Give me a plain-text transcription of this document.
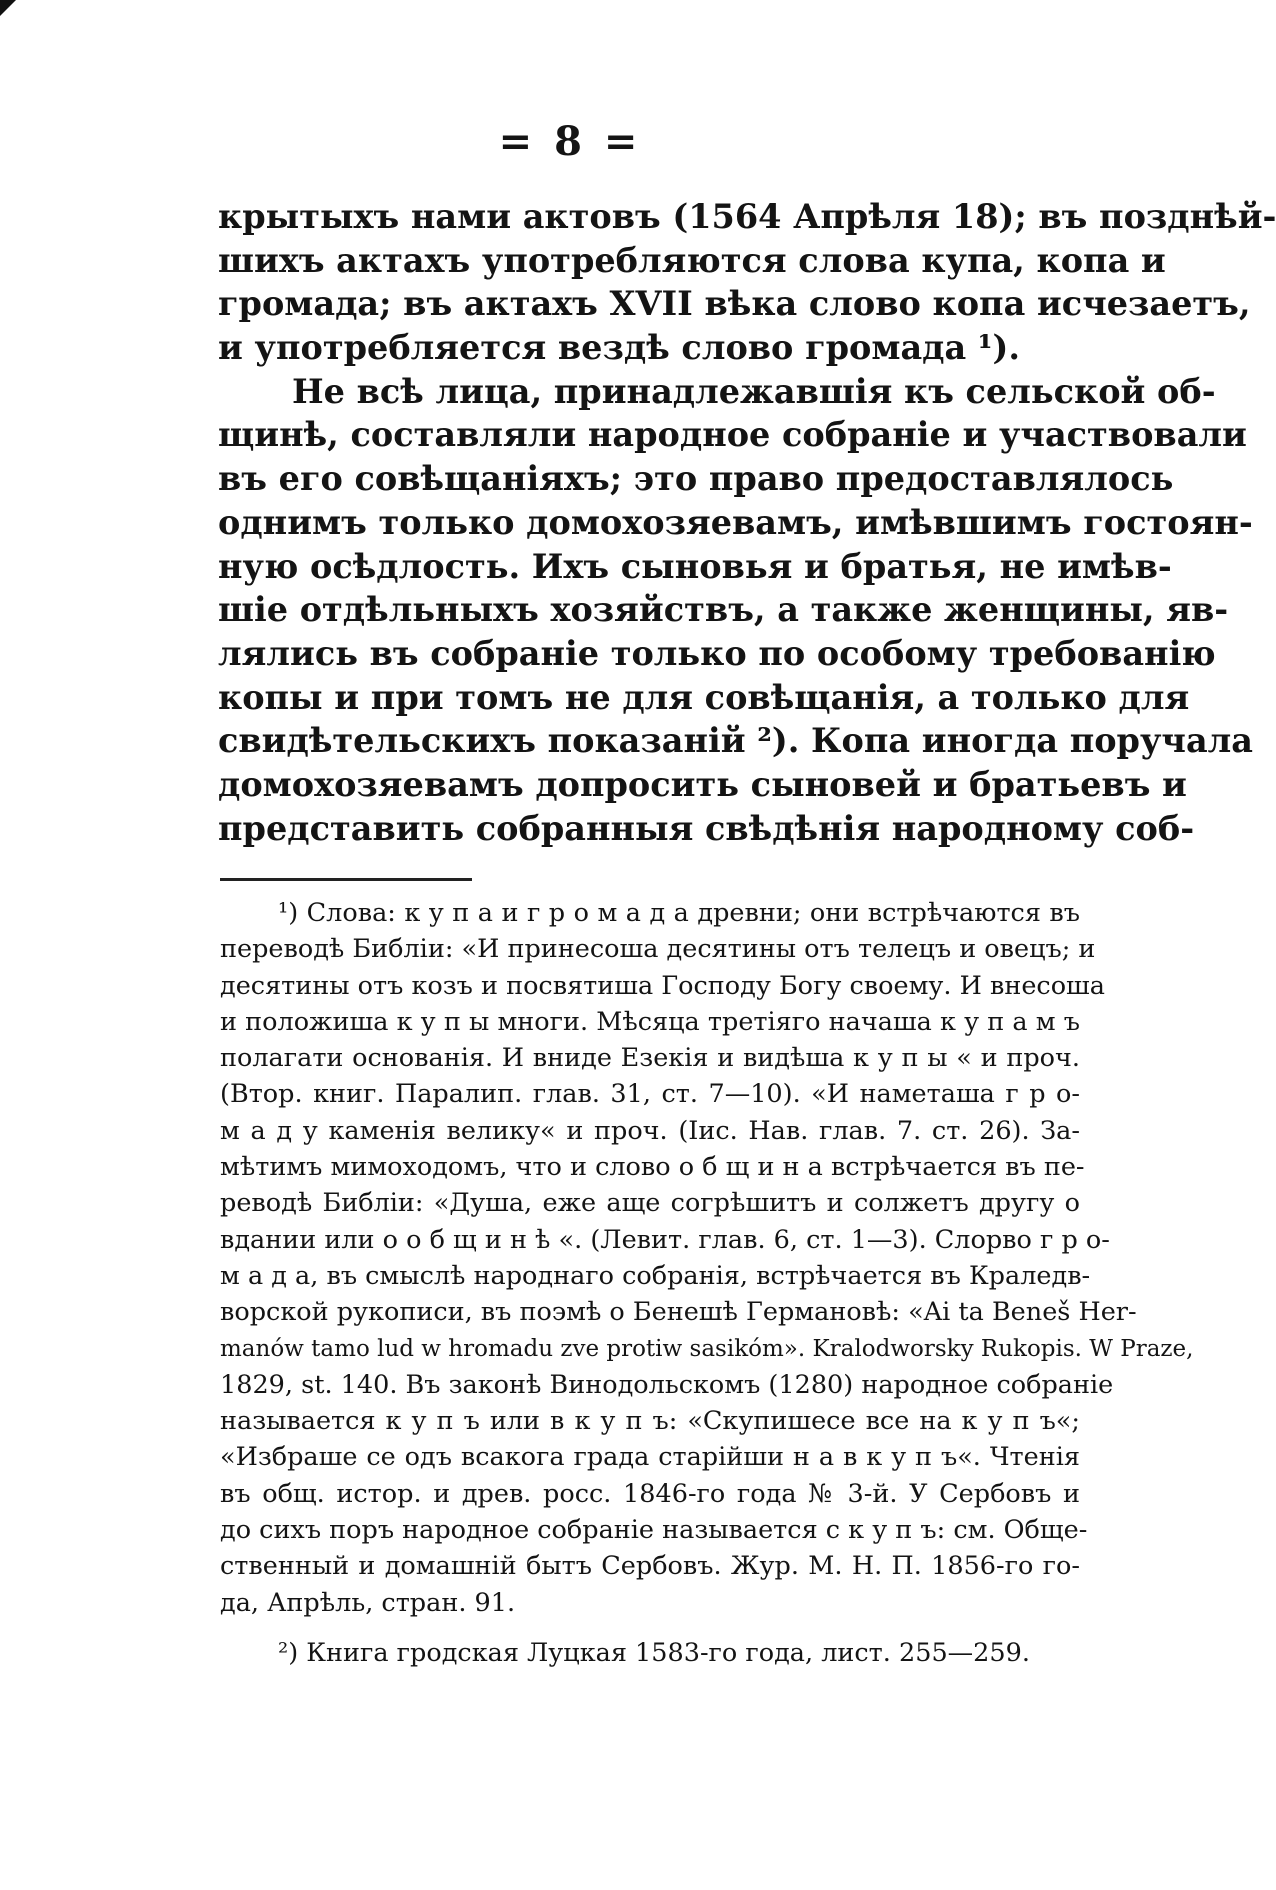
= 8 =
крытыхъ нами актовъ (1564 Апрѣля 18); въ позднѣй-
шихъ актахъ употребляются слова купа, копа и
громада; въ актахъ XVII вѣка слово копа исчезаетъ,
и употребляется вездѣ слово громада ¹).
Не всѣ лица, принадлежавшія къ сельской об-
щинѣ, составляли народное собраніе и участвовали
въ его совѣщаніяхъ; это право предоставлялось
однимъ только домохозяевамъ, имѣвшимъ гостоян-
ную осѣдлость. Ихъ сыновья и братья, не имѣв-
шіе отдѣльныхъ хозяйствъ, а также женщины, яв-
лялись въ собраніе только по особому требованію
копы и при томъ не для совѣщанія, а только для
свидѣтельскихъ показаній ²). Копа иногда поручала
домохозяевамъ допросить сыновей и братьевъ и
представить собранныя свѣдѣнія народному соб-
¹) Слова: к у п а и г р о м а д а древни; они встрѣчаются въ
переводѣ Библіи: «И принесоша десятины отъ телецъ и овецъ; и
десятины отъ козъ и посвятиша Господу Богу своему. И внесоша
и положиша к у п ы многи. Мѣсяца третіяго начаша к у п а м ъ
полагати основанія. И вниде Езекія и видѣша к у п ы « и проч.
(Втор. книг. Паралип. глав. 31, ст. 7—10). «И наметаша г р о-
м а д у каменія велику« и проч. (Iис. Нав. глав. 7. ст. 26). За-
мѣтимъ мимоходомъ, что и слово о б щ и н а встрѣчается въ пе-
реводѣ Библіи: «Душа, еже аще согрѣшитъ и солжетъ другу о
вдании или о о б щ и н ѣ «. (Левит. глав. 6, ст. 1—3). Слорво г р о-
м а д а, въ смыслѣ народнаго собранія, встрѣчается въ Краледв-
ворской рукописи, въ поэмѣ о Бенешѣ Германовѣ: «Ai ta Beneš Her-
manów tamo lud w hromadu zve protiw sasikóm». Kralodworsky Rukopis. W Praze,
1829, st. 140. Въ законѣ Винодольскомъ (1280) народное собраніе
называется к у п ъ или в к у п ъ: «Скупишесе все на к у п ъ«;
«Избраше се одъ всакога града старійши н а в к у п ъ«. Чтенія
въ общ. истор. и древ. росс. 1846-го года № 3-й. У Сербовъ и
до сихъ поръ народное собраніе называется с к у п ъ: см. Обще-
ственный и домашній бытъ Сербовъ. Жур. М. Н. П. 1856-го го-
да, Апрѣль, стран. 91.
²) Книга гродская Луцкая 1583-го года, лист. 255—259.
